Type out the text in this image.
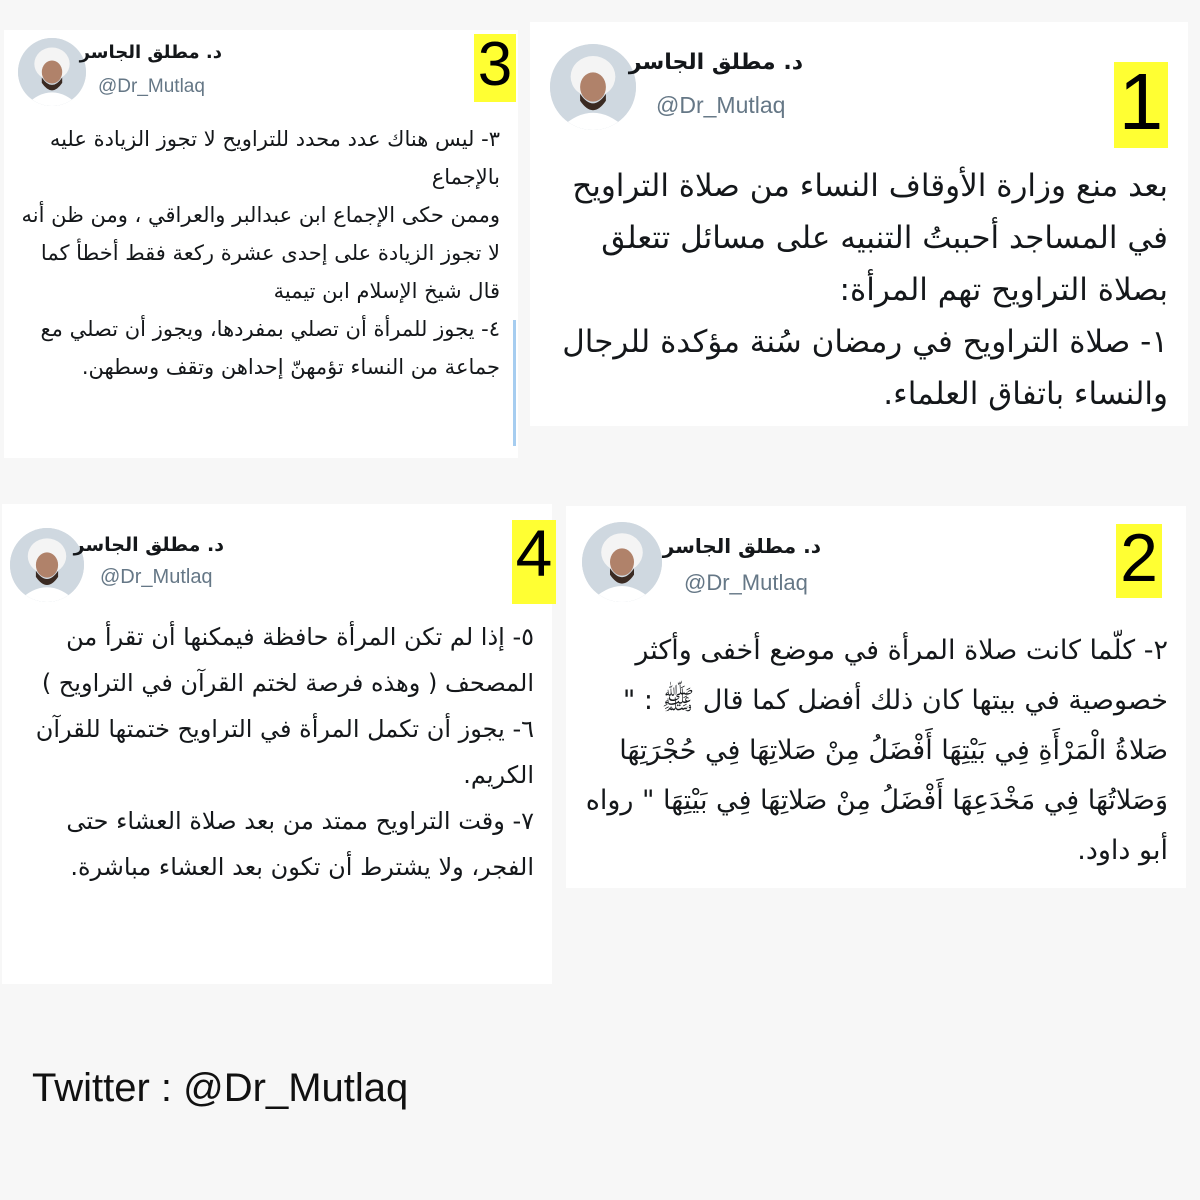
د. مطلق الجاسر
@Dr_Mutlaq	1

بعد منع وزارة الأوقاف النساء من صلاة التراويح في المساجد أحببتُ التنبيه على مسائل تتعلق بصلاة التراويح تهم المرأة:

١- صلاة التراويح في رمضان سُنة مؤكدة للرجال والنساء باتفاق العلماء.

د. مطلق الجاسر
@Dr_Mutlaq	2

٢- كلّما كانت صلاة المرأة في موضع أخفى وأكثر خصوصية في بيتها كان ذلك أفضل كما قال ﷺ : " صَلاةُ الْمَرْأَةِ فِي بَيْتِهَا أَفْضَلُ مِنْ صَلاتِهَا فِي حُجْرَتِهَا وَصَلاتُهَا فِي مَخْدَعِهَا أَفْضَلُ مِنْ صَلاتِهَا فِي بَيْتِهَا " رواه أبو داود.

د. مطلق الجاسر
@Dr_Mutlaq	3

٣- ليس هناك عدد محدد للتراويح لا تجوز الزيادة عليه بالإجماع

وممن حكى الإجماع ابن عبدالبر والعراقي ، ومن ظن أنه لا تجوز الزيادة على إحدى عشرة ركعة فقط أخطأ كما قال شيخ الإسلام ابن تيمية

٤- يجوز للمرأة أن تصلي بمفردها، ويجوز أن تصلي مع جماعة من النساء تؤمهنّ إحداهن وتقف وسطهن.

د. مطلق الجاسر
@Dr_Mutlaq	4

٥- إذا لم تكن المرأة حافظة فيمكنها أن تقرأ من المصحف ( وهذه فرصة لختم القرآن في التراويح )

٦- يجوز أن تكمل المرأة في التراويح ختمتها للقرآن الكريم.

٧- وقت التراويح ممتد من بعد صلاة العشاء حتى الفجر، ولا يشترط أن تكون بعد العشاء مباشرة.

Twitter : @Dr_Mutlaq
